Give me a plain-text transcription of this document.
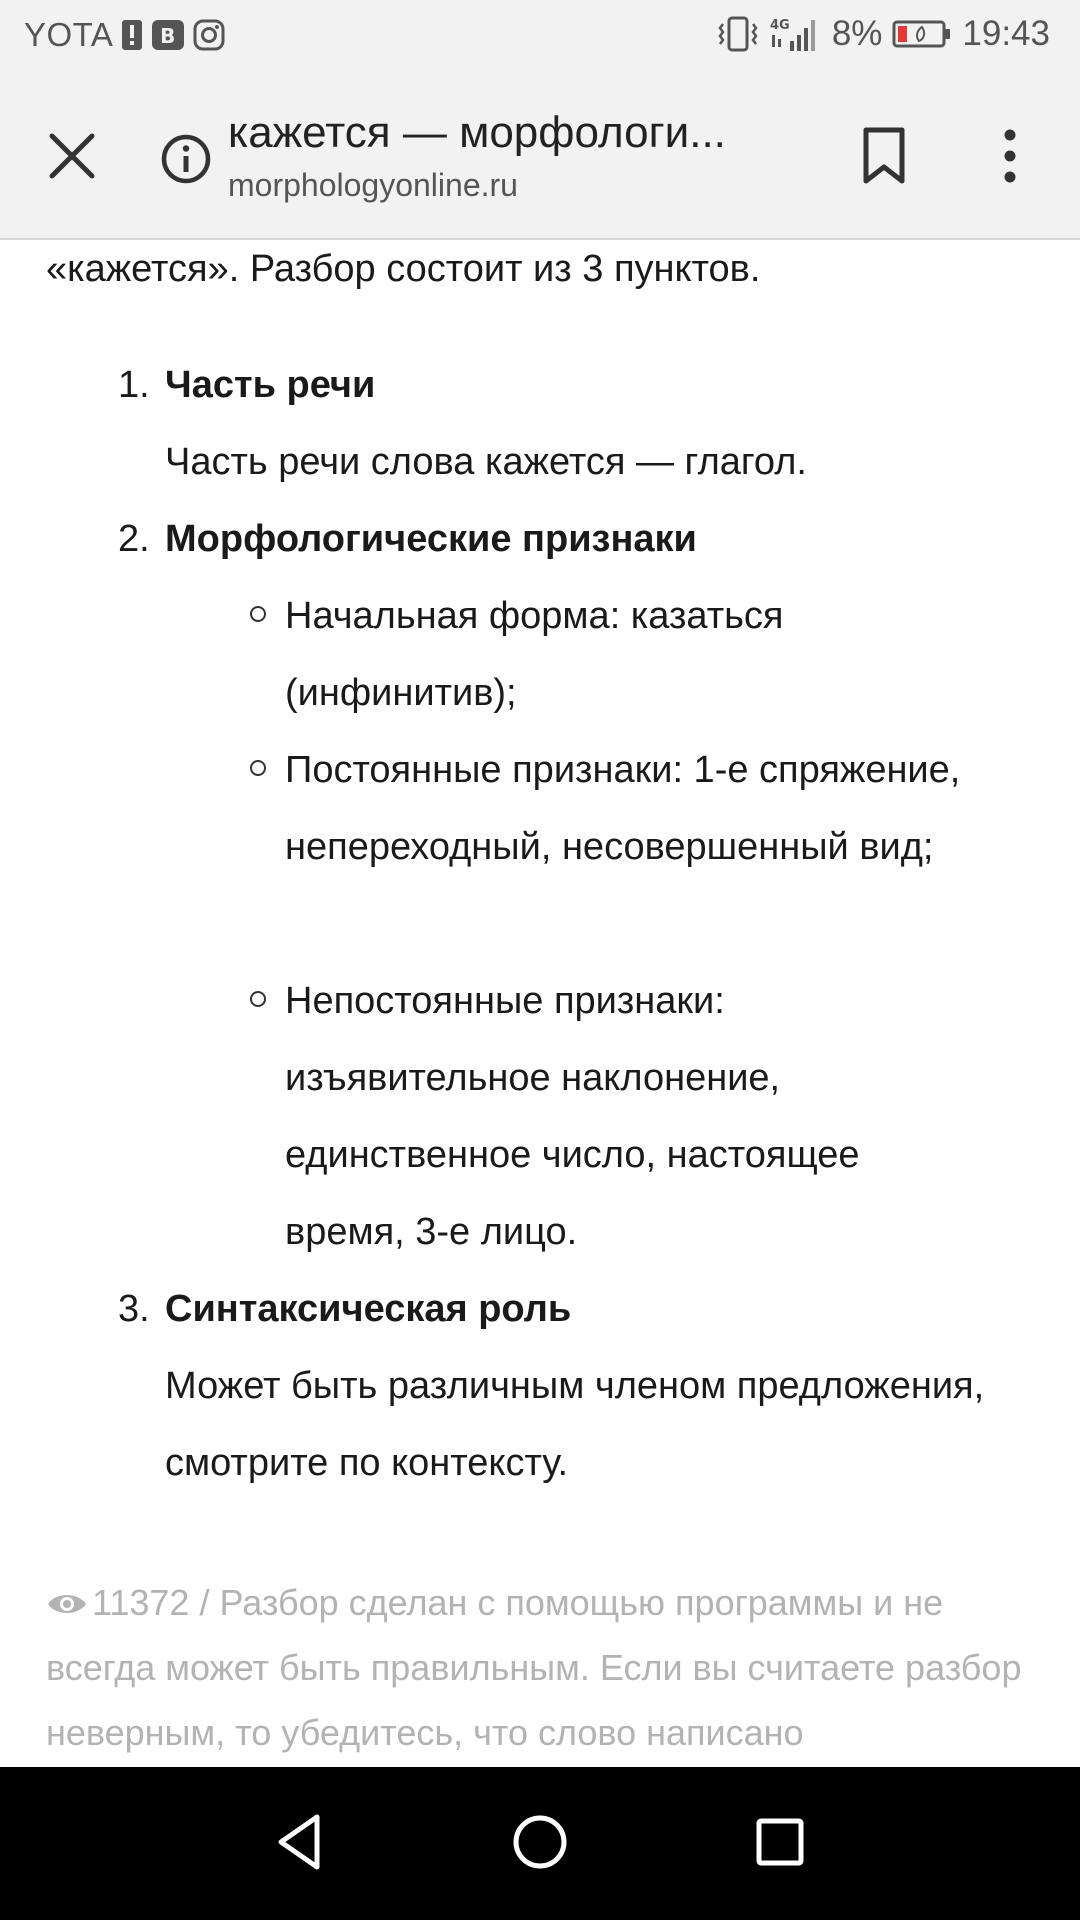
YOTA B	4G 8% 19:43
кажется — морфологи...
morphologyonline.ru
«кажется». Разбор состоит из 3 пунктов.
1. Часть речи
Часть речи слова кажется — глагол.
2. Морфологические признаки
Начальная форма: казаться (инфинитив);
Постоянные признаки: 1-е спряжение, непереходный, несовершенный вид;
Непостоянные признаки: изъявительное наклонение, единственное число, настоящее время, 3-е лицо.
3. Синтаксическая роль
Может быть различным членом предложения, смотрите по контексту.
11372 / Разбор сделан с помощью программы и не всегда может быть правильным. Если вы считаете разбор неверным, то убедитесь, что слово написано
